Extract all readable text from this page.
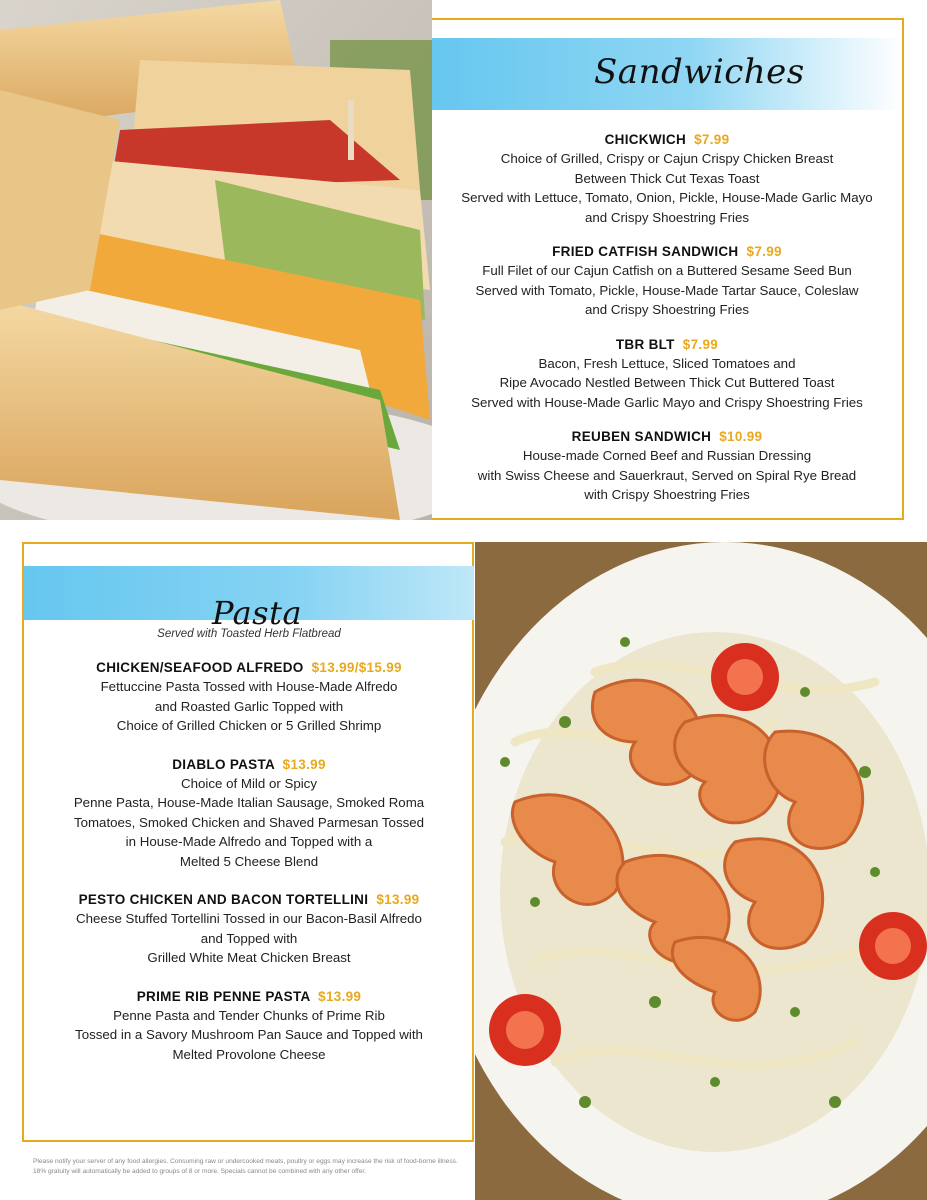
Sandwiches
CHICKWICH $7.99
Choice of Grilled, Crispy or Cajun Crispy Chicken Breast
Between Thick Cut Texas Toast
Served with Lettuce, Tomato, Onion, Pickle, House-Made Garlic Mayo
and Crispy Shoestring Fries
FRIED CATFISH SANDWICH $7.99
Full Filet of our Cajun Catfish on a Buttered Sesame Seed Bun
Served with Tomato, Pickle, House-Made Tartar Sauce, Coleslaw
and Crispy Shoestring Fries
TBR BLT $7.99
Bacon, Fresh Lettuce, Sliced Tomatoes and
Ripe Avocado Nestled Between Thick Cut Buttered Toast
Served with House-Made Garlic Mayo and Crispy Shoestring Fries
REUBEN SANDWICH $10.99
House-made Corned Beef and Russian Dressing
with Swiss Cheese and Sauerkraut, Served on Spiral Rye Bread
with Crispy Shoestring Fries
Pasta
Served with Toasted Herb Flatbread
CHICKEN/SEAFOOD ALFREDO $13.99/$15.99
Fettuccine Pasta Tossed with House-Made Alfredo
and Roasted Garlic Topped with
Choice of Grilled Chicken or 5 Grilled Shrimp
DIABLO PASTA $13.99
Choice of Mild or Spicy
Penne Pasta, House-Made Italian Sausage, Smoked Roma
Tomatoes, Smoked Chicken and Shaved Parmesan Tossed
in House-Made Alfredo and Topped with a
Melted 5 Cheese Blend
PESTO CHICKEN AND BACON TORTELLINI $13.99
Cheese Stuffed Tortellini Tossed in our Bacon-Basil Alfredo
and Topped with
Grilled White Meat Chicken Breast
PRIME RIB PENNE PASTA $13.99
Penne Pasta and Tender Chunks of Prime Rib
Tossed in a Savory Mushroom Pan Sauce and Topped with
Melted Provolone Cheese
Please notify your server of any food allergies. Consuming raw or undercooked meats, poultry or eggs may increase the risk of food-borne illness. 18% gratuity will automatically be added to groups of 8 or more. Specials cannot be combined with any other offer.
